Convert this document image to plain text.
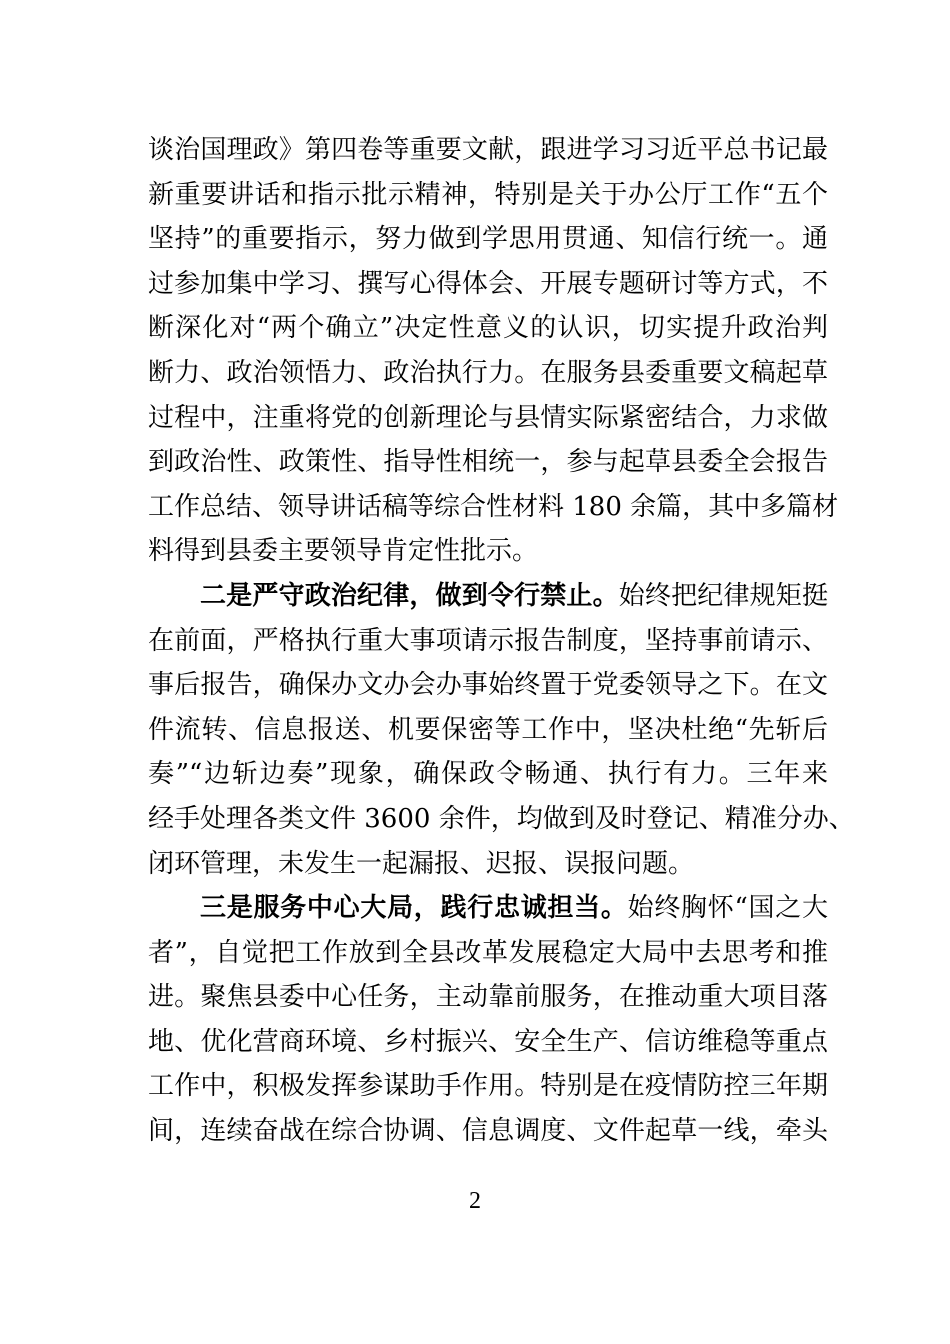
谈治国理政》第四卷等重要文献，跟进学习习近平总书记最
新重要讲话和指示批示精神，特别是关于办公厅工作“五个
坚持”的重要指示，努力做到学思用贯通、知信行统一。通
过参加集中学习、撰写心得体会、开展专题研讨等方式，不
断深化对“两个确立”决定性意义的认识，切实提升政治判
断力、政治领悟力、政治执行力。在服务县委重要文稿起草
过程中，注重将党的创新理论与县情实际紧密结合，力求做
到政治性、政策性、指导性相统一，参与起草县委全会报告
工作总结、领导讲话稿等综合性材料 180 余篇，其中多篇材
料得到县委主要领导肯定性批示。
二是严守政治纪律，做到令行禁止。始终把纪律规矩挺
在前面，严格执行重大事项请示报告制度，坚持事前请示、
事后报告，确保办文办会办事始终置于党委领导之下。在文
件流转、信息报送、机要保密等工作中，坚决杜绝“先斩后
奏”“边斩边奏”现象，确保政令畅通、执行有力。三年来
经手处理各类文件 3600 余件，均做到及时登记、精准分办、
闭环管理，未发生一起漏报、迟报、误报问题。
三是服务中心大局，践行忠诚担当。始终胸怀“国之大
者”，自觉把工作放到全县改革发展稳定大局中去思考和推
进。聚焦县委中心任务，主动靠前服务，在推动重大项目落
地、优化营商环境、乡村振兴、安全生产、信访维稳等重点
工作中，积极发挥参谋助手作用。特别是在疫情防控三年期
间，连续奋战在综合协调、信息调度、文件起草一线，牵头
2
